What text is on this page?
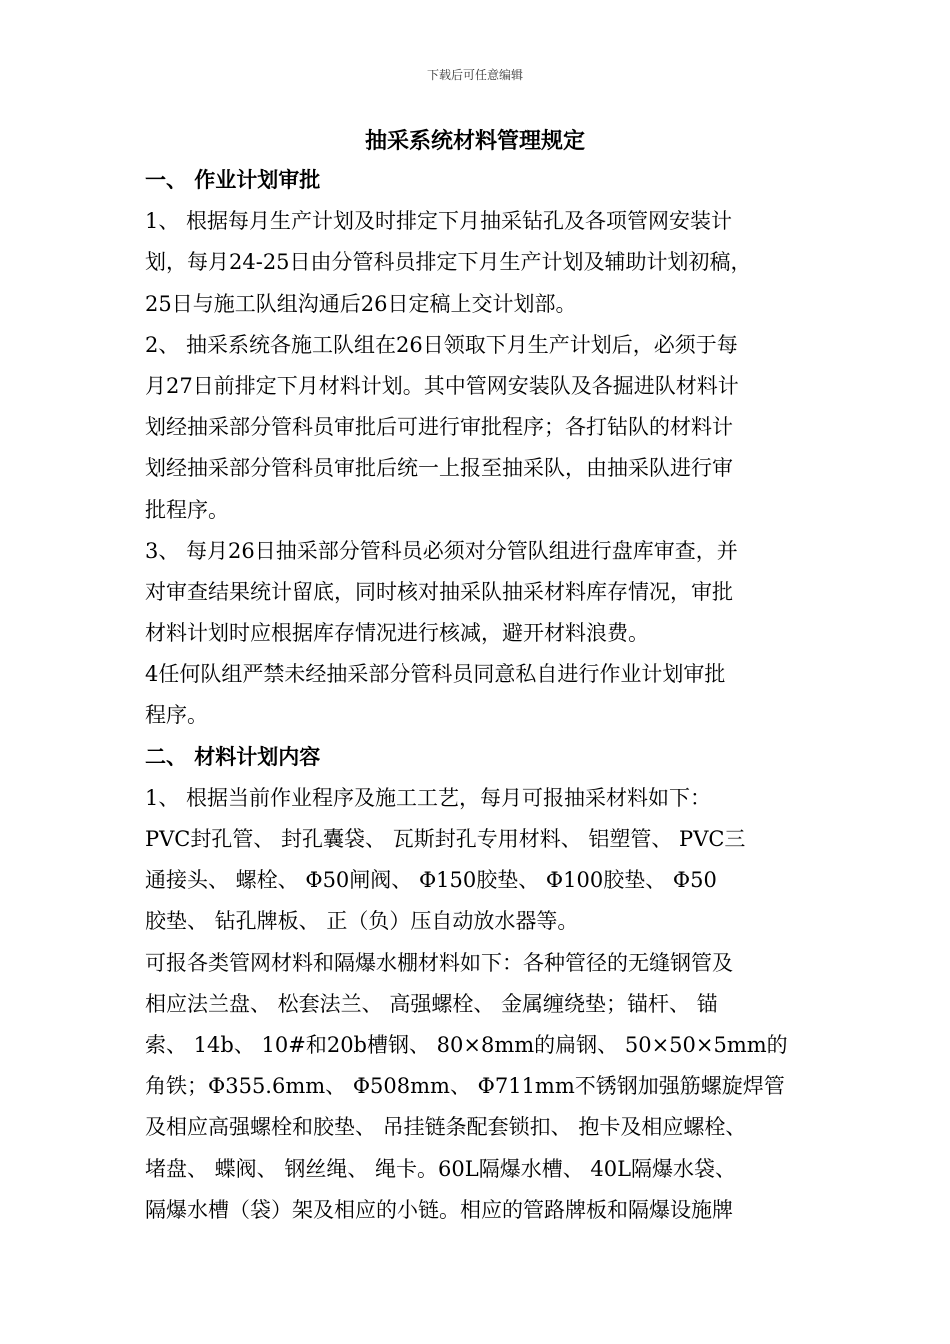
下载后可任意编辑
抽采系统材料管理规定
一、 作业计划审批
1、 根据每月生产计划及时排定下月抽采钻孔及各项管网安装计
划，每月24-25日由分管科员排定下月生产计划及辅助计划初稿，
25日与施工队组沟通后26日定稿上交计划部。
2、 抽采系统各施工队组在26日领取下月生产计划后，必须于每
月27日前排定下月材料计划。其中管网安装队及各掘进队材料计
划经抽采部分管科员审批后可进行审批程序；各打钻队的材料计
划经抽采部分管科员审批后统一上报至抽采队，由抽采队进行审
批程序。
3、 每月26日抽采部分管科员必须对分管队组进行盘库审查，并
对审查结果统计留底，同时核对抽采队抽采材料库存情况，审批
材料计划时应根据库存情况进行核减，避开材料浪费。
4任何队组严禁未经抽采部分管科员同意私自进行作业计划审批
程序。
二、 材料计划内容
1、 根据当前作业程序及施工工艺，每月可报抽采材料如下：
PVC封孔管、 封孔囊袋、 瓦斯封孔专用材料、 铝塑管、 PVC三
通接头、 螺栓、 Φ50闸阀、 Φ150胶垫、 Φ100胶垫、 Φ50
胶垫、 钻孔牌板、 正（负）压自动放水器等。
可报各类管网材料和隔爆水棚材料如下：各种管径的无缝钢管及
相应法兰盘、 松套法兰、 高强螺栓、 金属缠绕垫；锚杆、 锚
索、 14b、 10#和20b槽钢、 80×8mm的扁钢、 50×50×5mm的
角铁；Φ355.6mm、 Φ508mm、 Φ711mm不锈钢加强筋螺旋焊管
及相应高强螺栓和胶垫、 吊挂链条配套锁扣、 抱卡及相应螺栓、
堵盘、 蝶阀、 钢丝绳、 绳卡。60L隔爆水槽、 40L隔爆水袋、
隔爆水槽（袋）架及相应的小链。相应的管路牌板和隔爆设施牌
